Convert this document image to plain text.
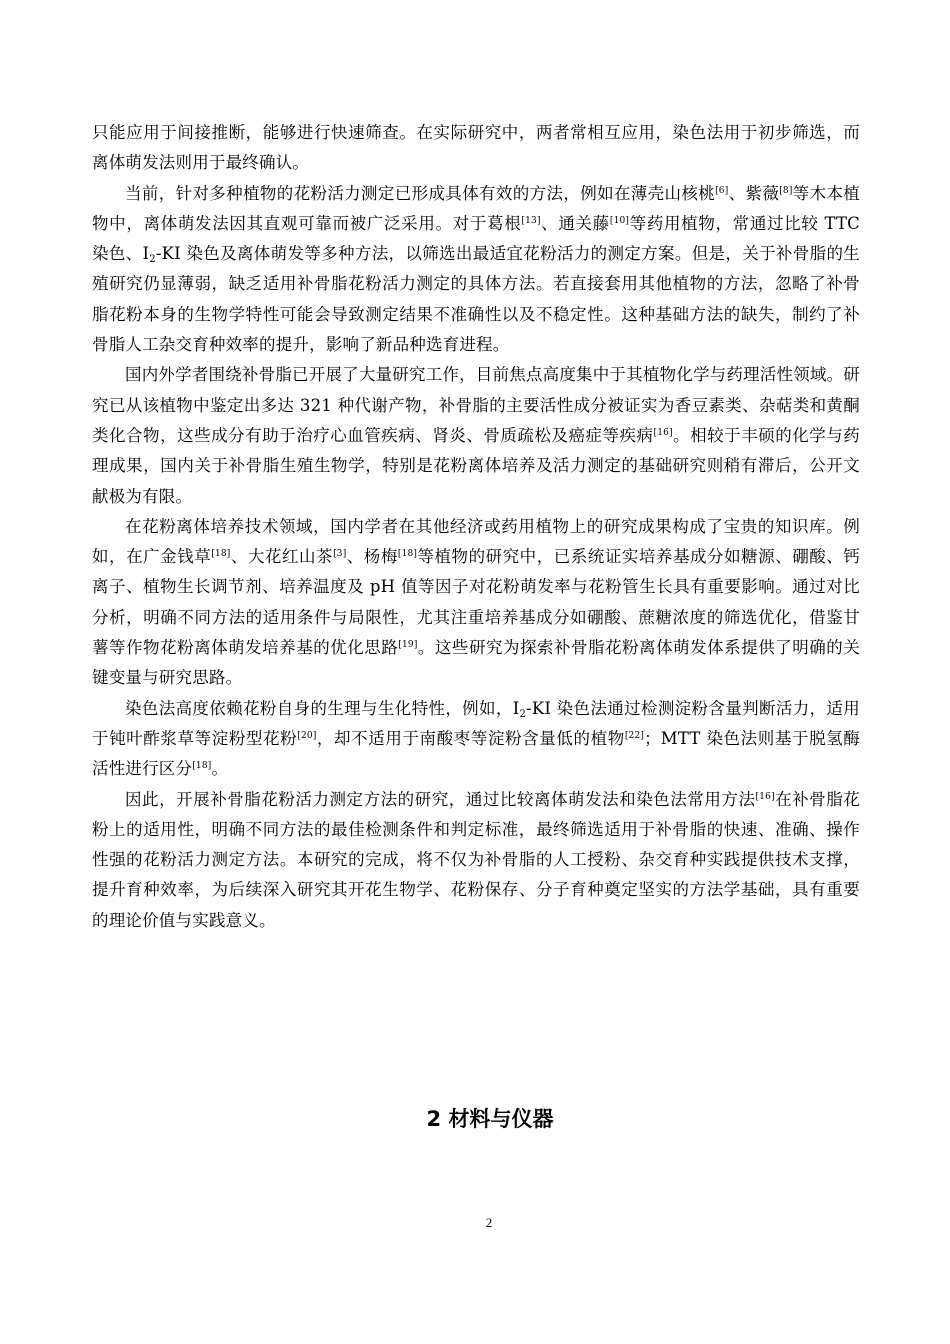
只能应用于间接推断，能够进行快速筛查。在实际研究中，两者常相互应用，染色法用于初步筛选，而离体萌发法则用于最终确认。

当前，针对多种植物的花粉活力测定已形成具体有效的方法，例如在薄壳山核桃[6]、紫薇[8]等木本植物中，离体萌发法因其直观可靠而被广泛采用。对于葛根[13]、通关藤[10]等药用植物，常通过比较 TTC 染色、$I_2-KI$ 染色及离体萌发等多种方法，以筛选出最适宜花粉活力的测定方案。但是，关于补骨脂的生殖研究仍显薄弱，缺乏适用补骨脂花粉活力测定的具体方法。若直接套用其他植物的方法，忽略了补骨脂花粉本身的生物学特性可能会导致测定结果不准确性以及不稳定性。这种基础方法的缺失，制约了补骨脂人工杂交育种效率的提升，影响了新品种选育进程。

国内外学者围绕补骨脂已开展了大量研究工作，目前焦点高度集中于其植物化学与药理活性领域。研究已从该植物中鉴定出多达 321 种代谢产物，补骨脂的主要活性成分被证实为香豆素类、杂萜类和黄酮类化合物，这些成分有助于治疗心血管疾病、肾炎、骨质疏松及癌症等疾病[16]。相较于丰硕的化学与药理成果，国内关于补骨脂生殖生物学，特别是花粉离体培养及活力测定的基础研究则稍有滞后，公开文献极为有限。

在花粉离体培养技术领域，国内学者在其他经济或药用植物上的研究成果构成了宝贵的知识库。例如，在广金钱草[18]、大花红山茶[3]、杨梅[18]等植物的研究中，已系统证实培养基成分如糖源、硼酸、钙离子、植物生长调节剂、培养温度及 pH 值等因子对花粉萌发率与花粉管生长具有重要影响。通过对比分析，明确不同方法的适用条件与局限性，尤其注重培养基成分如硼酸、蔗糖浓度的筛选优化，借鉴甘薯等作物花粉离体萌发培养基的优化思路[19]。这些研究为探索补骨脂花粉离体萌发体系提供了明确的关键变量与研究思路。

染色法高度依赖花粉自身的生理与生化特性，例如，$I_2-KI$ 染色法通过检测淀粉含量判断活力，适用于钝叶酢浆草等淀粉型花粉[20]，却不适用于南酸枣等淀粉含量低的植物[22]；MTT 染色法则基于脱氢酶活性进行区分[18]。

因此，开展补骨脂花粉活力测定方法的研究，通过比较离体萌发法和染色法常用方法[16]在补骨脂花粉上的适用性，明确不同方法的最佳检测条件和判定标准，最终筛选适用于补骨脂的快速、准确、操作性强的花粉活力测定方法。本研究的完成，将不仅为补骨脂的人工授粉、杂交育种实践提供技术支撑，提升育种效率，为后续深入研究其开花生物学、花粉保存、分子育种奠定坚实的方法学基础，具有重要的理论价值与实践意义。

2 材料与仪器
2
